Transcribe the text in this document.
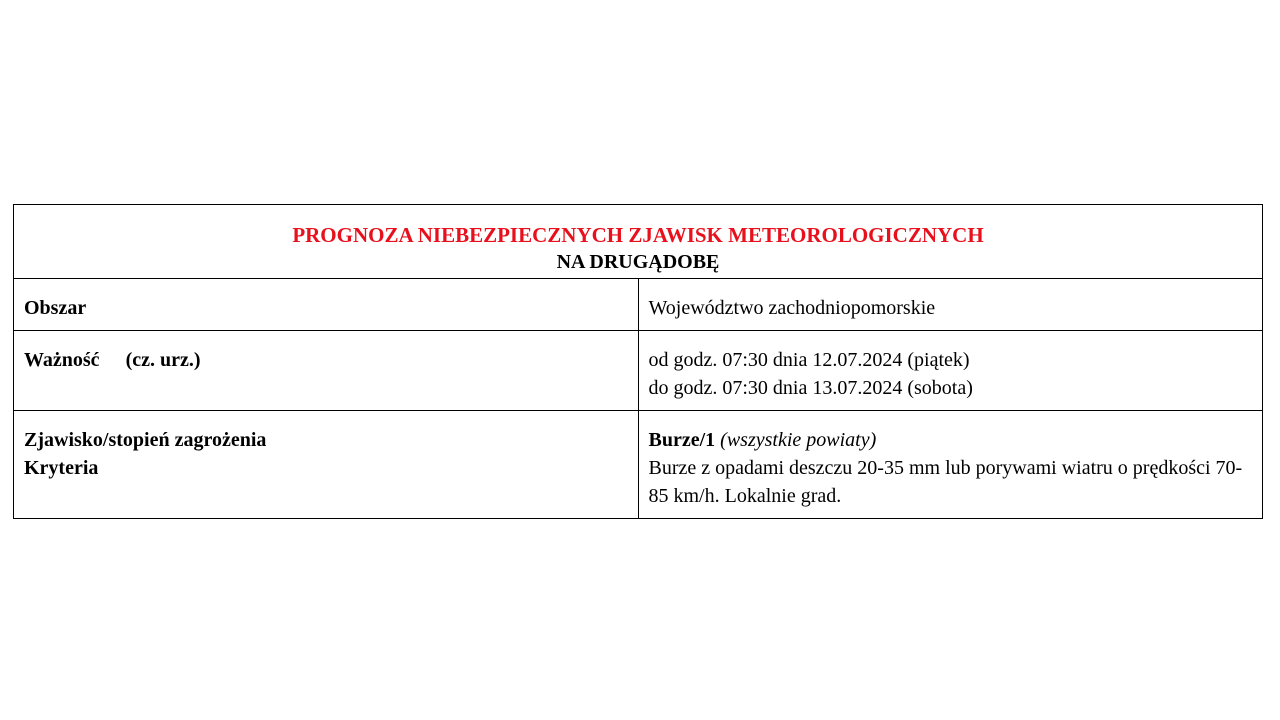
PROGNOZA NIEBEZPIECZNYCH ZJAWISK METEOROLOGICZNYCH
NA DRUGĄDOBĘ	

Obszar	Województwo zachodniopomorskie
Ważność (cz. urz.)	od godz. 07:30 dnia 12.07.2024 (piątek)
do godz. 07:30 dnia 13.07.2024 (sobota)

Zjawisko/stopień zagrożenia
Kryteria	Burze/1 (wszystkie powiaty)
Burze z opadami deszczu 20-35 mm lub porywami wiatru o prędkości 70-85 km/h. Lokalnie grad.
